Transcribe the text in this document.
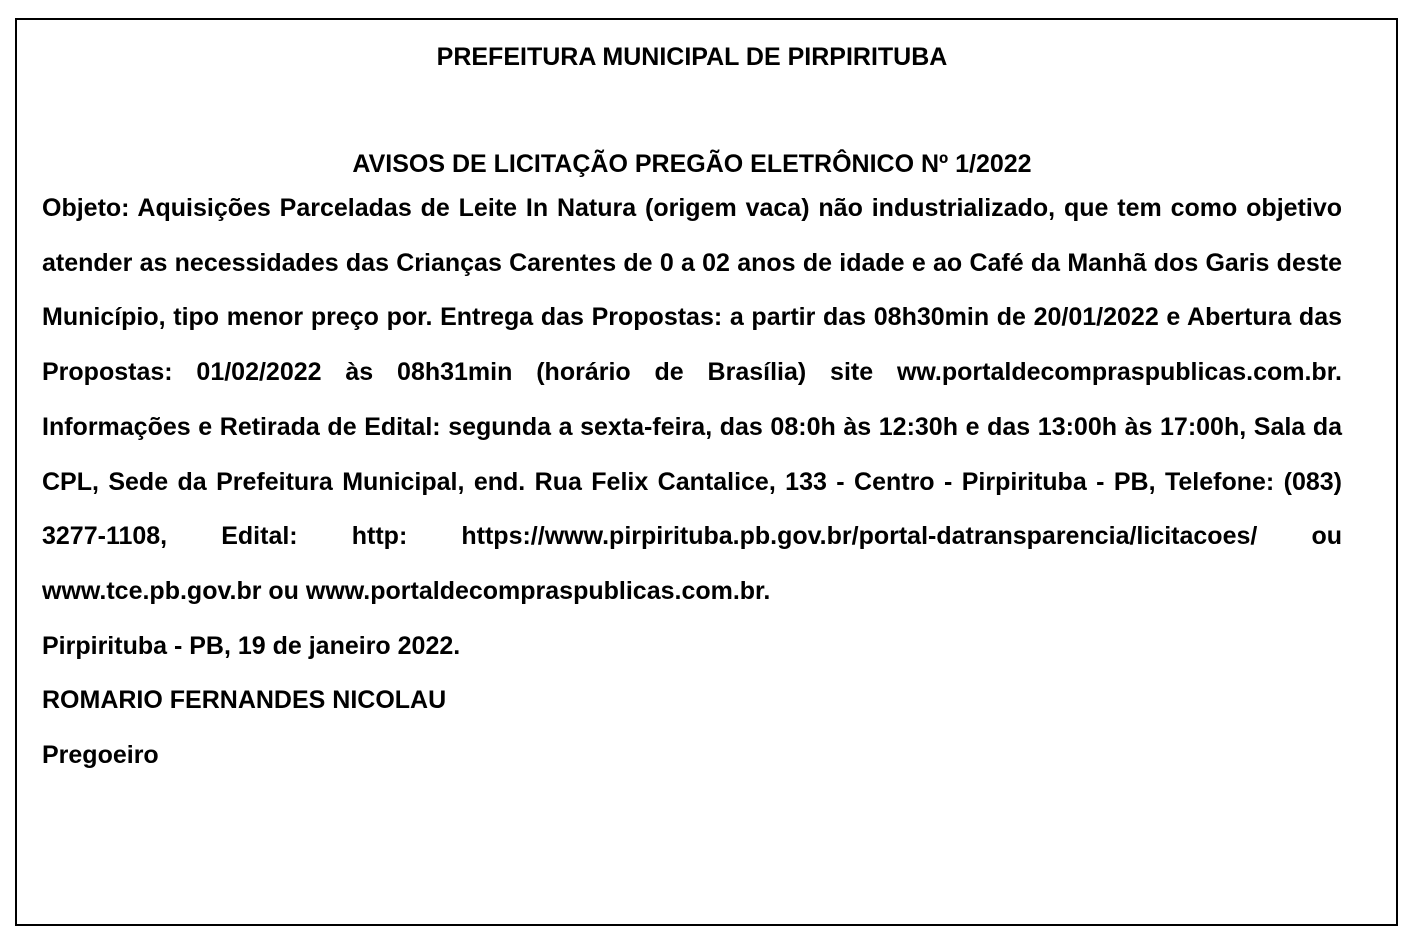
PREFEITURA MUNICIPAL DE PIRPIRITUBA

AVISOS DE LICITAÇÃO PREGÃO ELETRÔNICO Nº 1/2022

Objeto: Aquisições Parceladas de Leite In Natura (origem vaca) não industrializado, que tem como objetivo atender as necessidades das Crianças Carentes de 0 a 02 anos de idade e ao Café da Manhã dos Garis deste Município, tipo menor preço por. Entrega das Propostas: a partir das 08h30min de 20/01/2022 e Abertura das Propostas: 01/02/2022 às 08h31min (horário de Brasília) site ww.portaldecompraspublicas.com.br. Informações e Retirada de Edital: segunda a sexta-feira, das 08:0h às 12:30h e das 13:00h às 17:00h, Sala da CPL, Sede da Prefeitura Municipal, end. Rua Felix Cantalice, 133 - Centro - Pirpirituba - PB, Telefone: (083) 3277-1108, Edital: http: https://www.pirpirituba.pb.gov.br/portal-datransparencia/licitacoes/ ou www.tce.pb.gov.br ou www.portaldecompraspublicas.com.br.

Pirpirituba - PB, 19 de janeiro 2022.

ROMARIO FERNANDES NICOLAU

Pregoeiro
